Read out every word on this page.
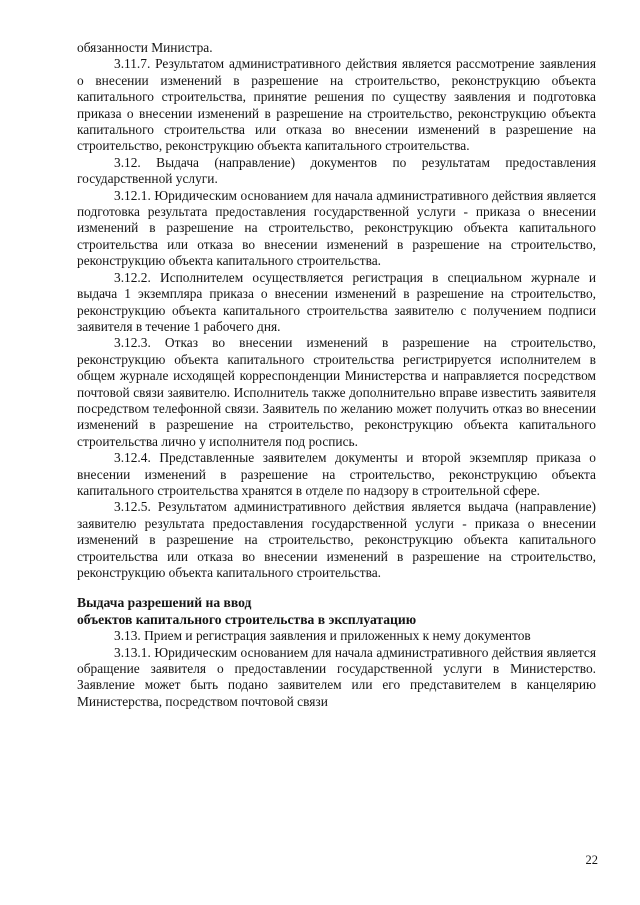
обязанности Министра.

3.11.7. Результатом административного действия является рассмотрение заявления о внесении изменений в разрешение на строительство, реконструкцию объекта капитального строительства, принятие решения по существу заявления и подготовка приказа о внесении изменений в разрешение на строительство, реконструкцию объекта капитального строительства или отказа во внесении изменений в разрешение на строительство, реконструкцию объекта капитального строительства.

3.12. Выдача (направление) документов по результатам предоставления государственной услуги.

3.12.1. Юридическим основанием для начала административного действия является подготовка результата предоставления государственной услуги - приказа о внесении изменений в разрешение на строительство, реконструкцию объекта капитального строительства или отказа во внесении изменений в разрешение на строительство, реконструкцию объекта капитального строительства.

3.12.2. Исполнителем осуществляется регистрация в специальном журнале и выдача 1 экземпляра приказа о внесении изменений в разрешение на строительство, реконструкцию объекта капитального строительства заявителю с получением подписи заявителя в течение 1 рабочего дня.

3.12.3. Отказ во внесении изменений в разрешение на строительство, реконструкцию объекта капитального строительства регистрируется исполнителем в общем журнале исходящей корреспонденции Министерства и направляется посредством почтовой связи заявителю. Исполнитель также дополнительно вправе известить заявителя посредством телефонной связи. Заявитель по желанию может получить отказ во внесении изменений в разрешение на строительство, реконструкцию объекта капитального строительства лично у исполнителя под роспись.

3.12.4. Представленные заявителем документы и второй экземпляр приказа о внесении изменений в разрешение на строительство, реконструкцию объекта капитального строительства хранятся в отделе по надзору в строительной сфере.

3.12.5. Результатом административного действия является выдача (направление) заявителю результата предоставления государственной услуги - приказа о внесении изменений в разрешение на строительство, реконструкцию объекта капитального строительства или отказа во внесении изменений в разрешение на строительство, реконструкцию объекта капитального строительства.

Выдача разрешений на ввод

объектов капитального строительства в эксплуатацию

3.13. Прием и регистрация заявления и приложенных к нему документов

3.13.1. Юридическим основанием для начала административного действия является обращение заявителя о предоставлении государственной услуги в Министерство. Заявление может быть подано заявителем или его представителем в канцелярию Министерства, посредством почтовой связи

22
